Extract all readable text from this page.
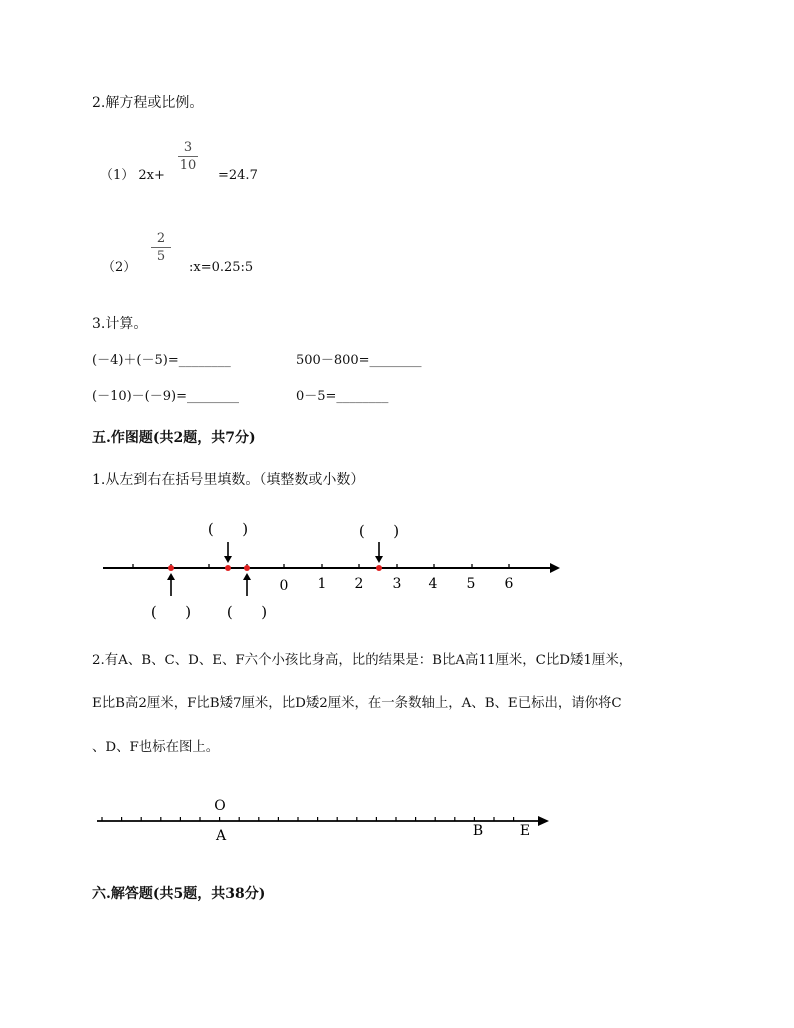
2.解方程或比例。
（1） 2x+
3
10
=24.7
（2）
2
5
:x=0.25:5
3.计算。
(－4)＋(－5)=________	500－800=________
(－10)－(－9)=________	0－5=________
五.作图题(共2题，共7分)
1.从左到右在括号里填数。（填整数或小数）
0 1 2 3 4 5 6
(      )	(      )
(      ) (      )
2.有A、B、C、D、E、F六个小孩比身高，比的结果是：B比A高11厘米，C比D矮1厘米，
E比B高2厘米，F比B矮7厘米，比D矮2厘米，在一条数轴上，A、B、E已标出，请你将C
、D、F也标在图上。
O
A	B	E
六.解答题(共5题，共38分)
